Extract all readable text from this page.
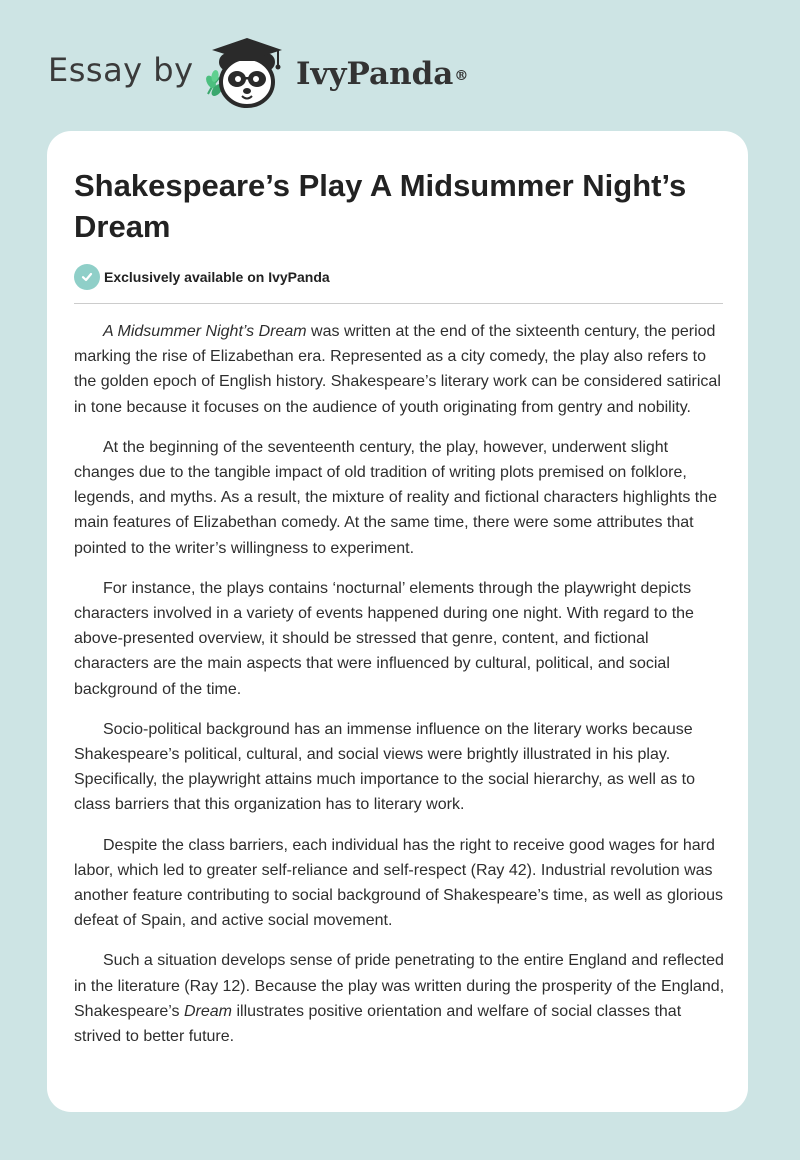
Essay by	IvyPanda®
Shakespeare’s Play A Midsummer Night’s Dream
Exclusively available on IvyPanda

A Midsummer Night’s Dream was written at the end of the sixteenth century, the period marking the rise of Elizabethan era. Represented as a city comedy, the play also refers to the golden epoch of English history. Shakespeare’s literary work can be considered satirical in tone because it focuses on the audience of youth originating from gentry and nobility.

At the beginning of the seventeenth century, the play, however, underwent slight changes due to the tangible impact of old tradition of writing plots premised on folklore, legends, and myths. As a result, the mixture of reality and fictional characters highlights the main features of Elizabethan comedy. At the same time, there were some attributes that pointed to the writer’s willingness to experiment.

For instance, the plays contains ‘nocturnal’ elements through the playwright depicts characters involved in a variety of events happened during one night. With regard to the above-presented overview, it should be stressed that genre, content, and fictional characters are the main aspects that were influenced by cultural, political, and social background of the time.

Socio-political background has an immense influence on the literary works because Shakespeare’s political, cultural, and social views were brightly illustrated in his play. Specifically, the playwright attains much importance to the social hierarchy, as well as to class barriers that this organization has to literary work.

Despite the class barriers, each individual has the right to receive good wages for hard labor, which led to greater self-reliance and self-respect (Ray 42). Industrial revolution was another feature contributing to social background of Shakespeare’s time, as well as glorious defeat of Spain, and active social movement.

Such a situation develops sense of pride penetrating to the entire England and reflected in the literature (Ray 12). Because the play was written during the prosperity of the England, Shakespeare’s Dream illustrates positive orientation and welfare of social classes that strived to better future.
